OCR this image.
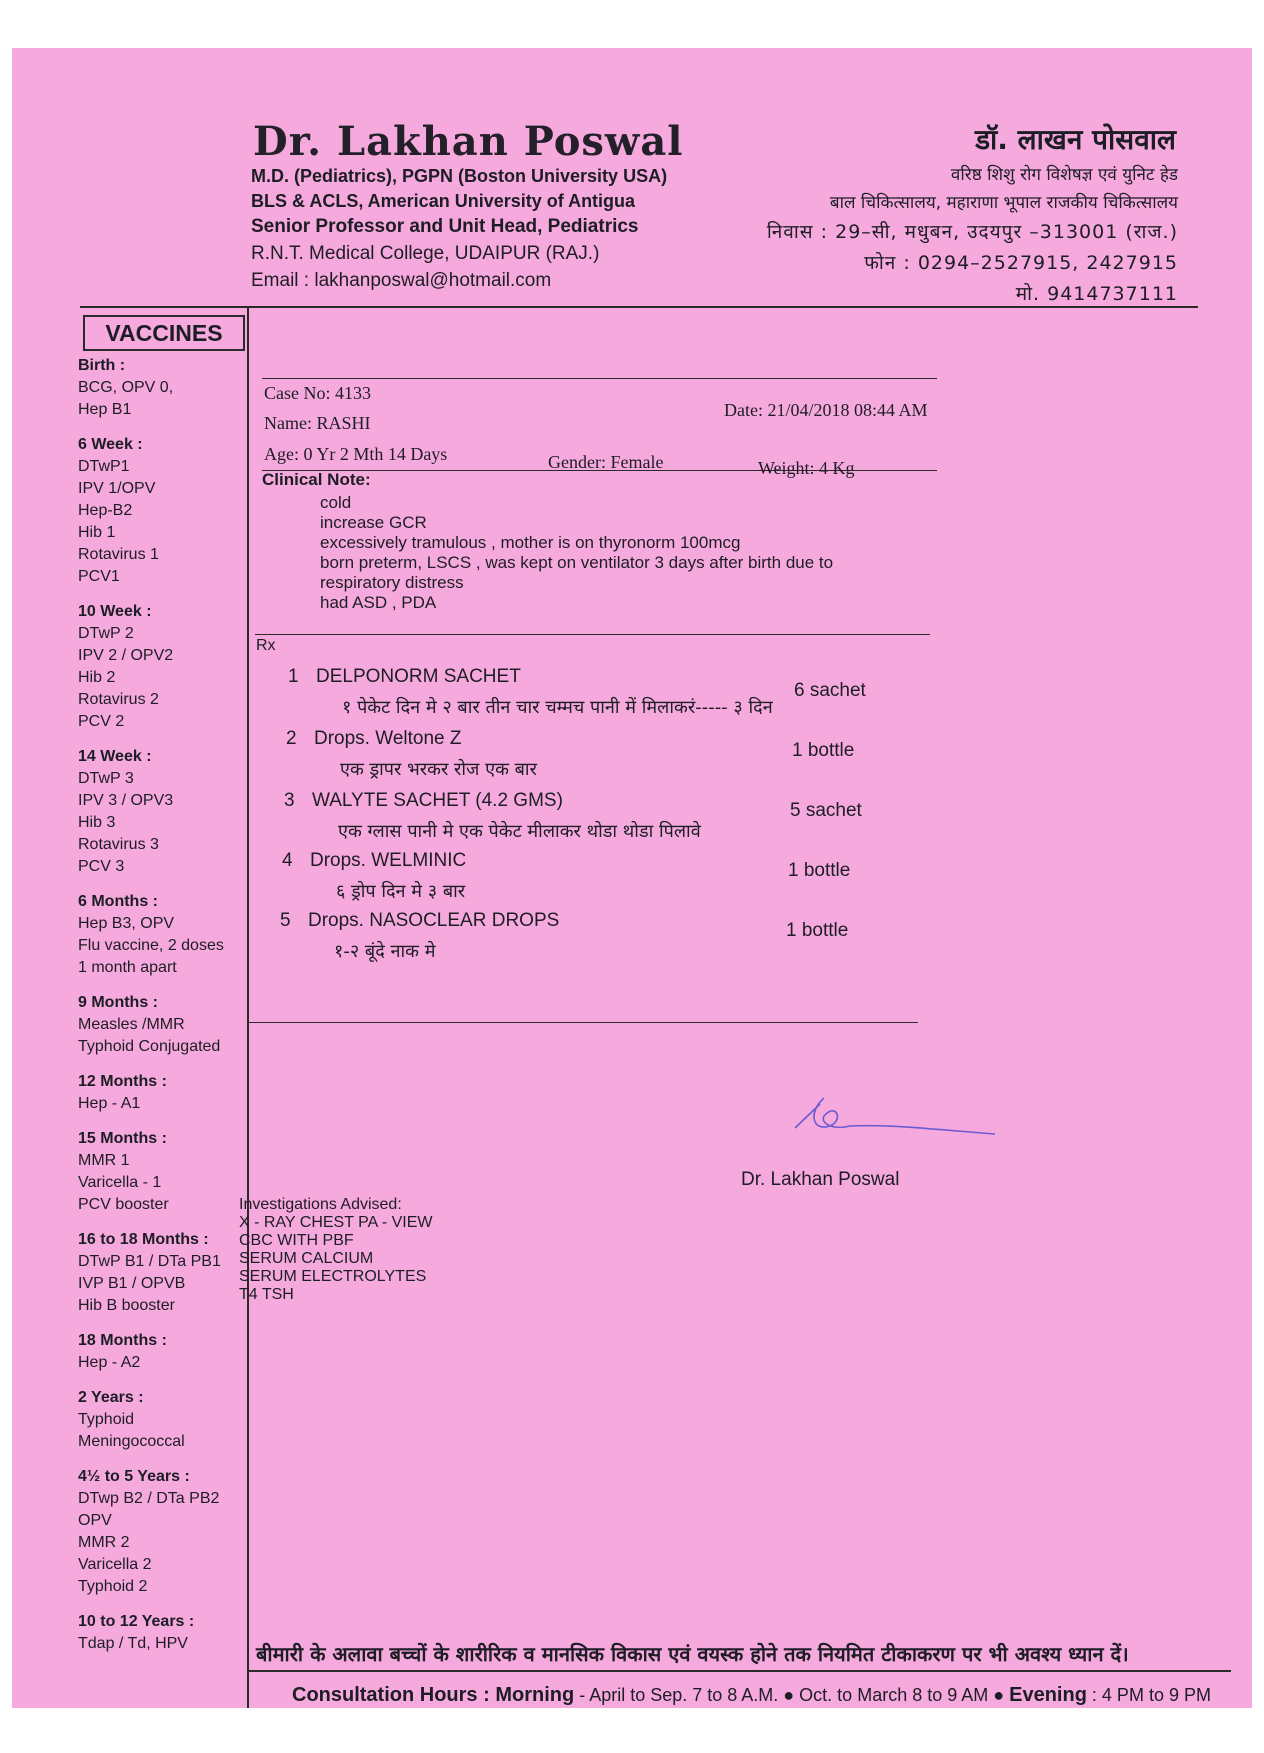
Dr. Lakhan Poswal
M.D. (Pediatrics), PGPN (Boston University USA)
BLS & ACLS, American University of Antigua
Senior Professor and Unit Head, Pediatrics
R.N.T. Medical College, UDAIPUR (RAJ.)
Email : lakhanposwal@hotmail.com
डॉ. लाखन पोसवाल
वरिष्ठ शिशु रोग विशेषज्ञ एवं युनिट हेड
बाल चिकित्सालय, महाराणा भूपाल राजकीय चिकित्सालय
निवास : 29–सी, मधुबन, उदयपुर –313001 (राज.)
फोन : 0294–2527915, 2427915
मो. 9414737111
VACCINES
Birth :
BCG, OPV 0,
Hep B1
6 Week :
DTwP1
IPV 1/OPV
Hep-B2
Hib 1
Rotavirus 1
PCV1
10 Week :
DTwP 2
IPV 2 / OPV2
Hib 2
Rotavirus 2
PCV 2
14 Week :
DTwP 3
IPV 3 / OPV3
Hib 3
Rotavirus 3
PCV 3
6 Months :
Hep B3, OPV
Flu vaccine, 2 doses
1 month apart
9 Months :
Measles /MMR
Typhoid Conjugated
12 Months :
Hep - A1
15 Months :
MMR 1
Varicella - 1
PCV booster
16 to 18 Months :
DTwP B1 / DTa PB1
IVP B1 / OPVB
Hib B booster
18 Months :
Hep - A2
2 Years :
Typhoid
Meningococcal
4½ to 5 Years :
DTwp B2 / DTa PB2
OPV
MMR 2
Varicella 2
Typhoid 2
10 to 12 Years :
Tdap / Td, HPV
Case No: 4133
Date: 21/04/2018 08:44 AM
Name: RASHI
Age: 0 Yr 2 Mth 14 Days	Gender: Female	Weight: 4 Kg
Clinical Note:
cold
increase GCR
excessively tramulous , mother is on thyronorm 100mcg
born preterm, LSCS , was kept on ventilator 3 days after birth due to
respiratory distress
had ASD , PDA
Rx
1 DELPONORM SACHET
6 sachet
१ पेकेट दिन मे २ बार तीन चार चम्मच पानी में मिलाकरं----- ३ दिन
2 Drops. Weltone Z
1 bottle
एक ड्रापर भरकर रोज एक बार
3 WALYTE SACHET (4.2 GMS)	5 sachet
एक ग्लास पानी मे एक पेकेट मीलाकर थोडा थोडा पिलावे
4 Drops. WELMINIC	1 bottle
६ ड्रोप दिन मे ३ बार
5 Drops. NASOCLEAR DROPS	1 bottle
१-२ बूंदे नाक मे
Dr. Lakhan Poswal
Investigations Advised:
X - RAY CHEST PA - VIEW
CBC WITH PBF
SERUM CALCIUM
SERUM ELECTROLYTES
T4 TSH
बीमारी के अलावा बच्चों के शारीरिक व मानसिक विकास एवं वयस्क होने तक नियमित टीकाकरण पर भी अवश्य ध्यान दें।
Consultation Hours : Morning - April to Sep. 7 to 8 A.M. ● Oct. to March 8 to 9 AM ● Evening : 4 PM to 9 PM
